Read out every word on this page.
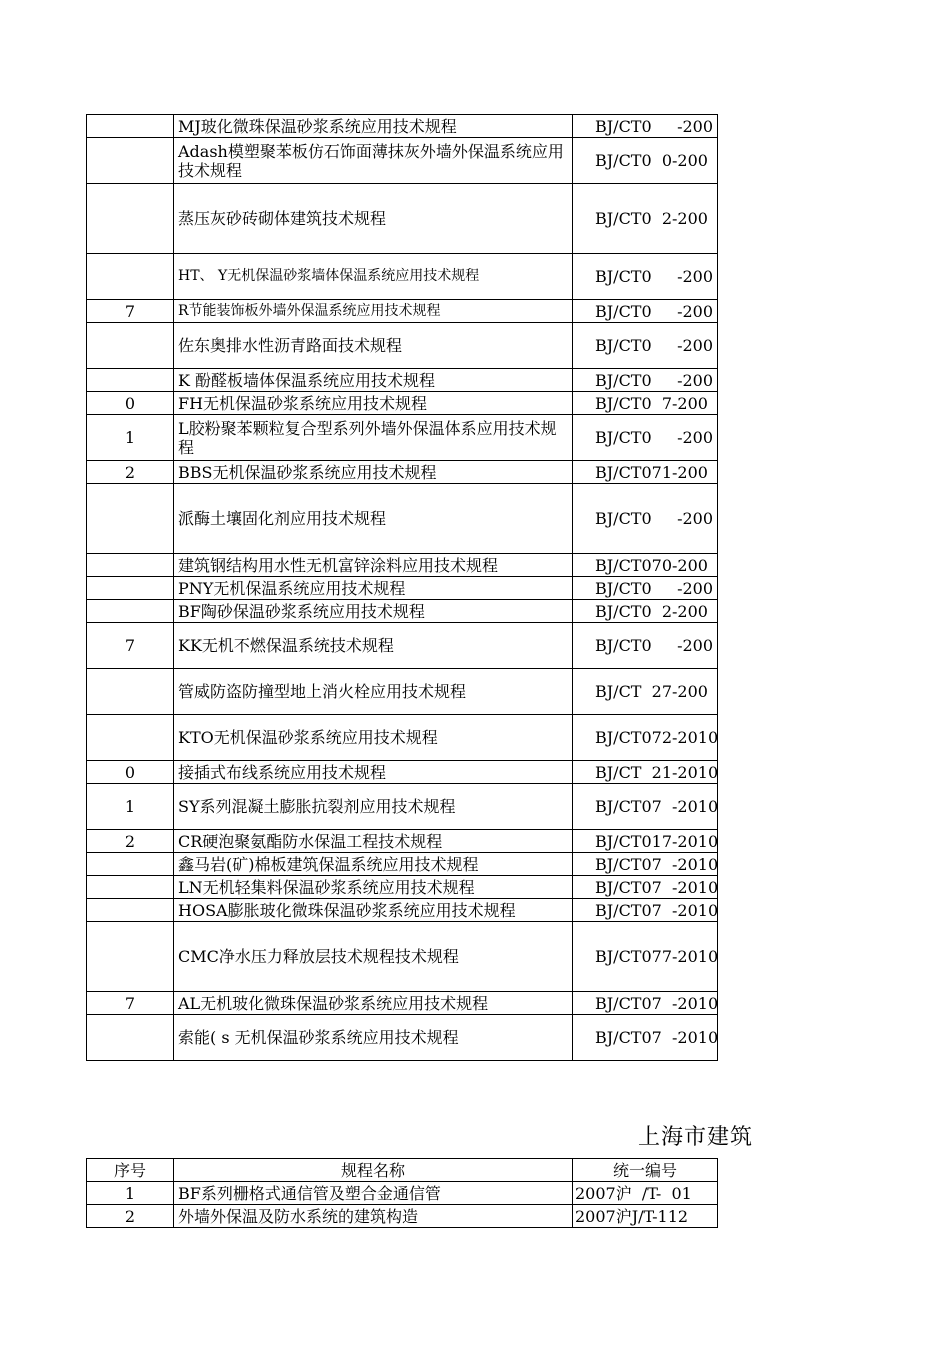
	MJ玻化微珠保温砂浆系统应用技术规程	BJ/CT0     -200
	Adash模塑聚苯板仿石饰面薄抹灰外墙外保温系统应用技术规程	BJ/CT0  0-200
	蒸压灰砂砖砌体建筑技术规程	BJ/CT0  2-200
	HT、 Y无机保温砂浆墙体保温系统应用技术规程	BJ/CT0     -200
7	R节能装饰板外墙外保温系统应用技术规程	BJ/CT0     -200
	佐东奥排水性沥青路面技术规程	BJ/CT0     -200
	K 酚醛板墙体保温系统应用技术规程	BJ/CT0     -200
0	FH无机保温砂浆系统应用技术规程	BJ/CT0  7-200
1	L胶粉聚苯颗粒复合型系列外墙外保温体系应用技术规程	BJ/CT0     -200
2	BBS无机保温砂浆系统应用技术规程	BJ/CT071-200
	派酶土壤固化剂应用技术规程	BJ/CT0     -200
	建筑钢结构用水性无机富锌涂料应用技术规程	BJ/CT070-200
	PNY无机保温系统应用技术规程	BJ/CT0     -200
	BF陶砂保温砂浆系统应用技术规程	BJ/CT0  2-200
7	KK无机不燃保温系统技术规程	BJ/CT0     -200
	管威防盗防撞型地上消火栓应用技术规程	BJ/CT  27-200
	KTO无机保温砂浆系统应用技术规程	BJ/CT072-2010
0	接插式布线系统应用技术规程	BJ/CT  21-2010
1	SY系列混凝土膨胀抗裂剂应用技术规程	BJ/CT07  -2010
2	CR硬泡聚氨酯防水保温工程技术规程	BJ/CT017-2010
	鑫马岩(矿)棉板建筑保温系统应用技术规程	BJ/CT07  -2010
	LN无机轻集料保温砂浆系统应用技术规程	BJ/CT07  -2010
	HOSA膨胀玻化微珠保温砂浆系统应用技术规程	BJ/CT07  -2010
	CMC净水压力释放层技术规程技术规程	BJ/CT077-2010
7	AL无机玻化微珠保温砂浆系统应用技术规程	BJ/CT07  -2010
	索能( s 无机保温砂浆系统应用技术规程	BJ/CT07  -2010
上海市建筑
序号	规程名称	统一编号
1	BF系列栅格式通信管及塑合金通信管	2007沪  /T-  01
2	外墙外保温及防水系统的建筑构造	2007沪J/T-112
